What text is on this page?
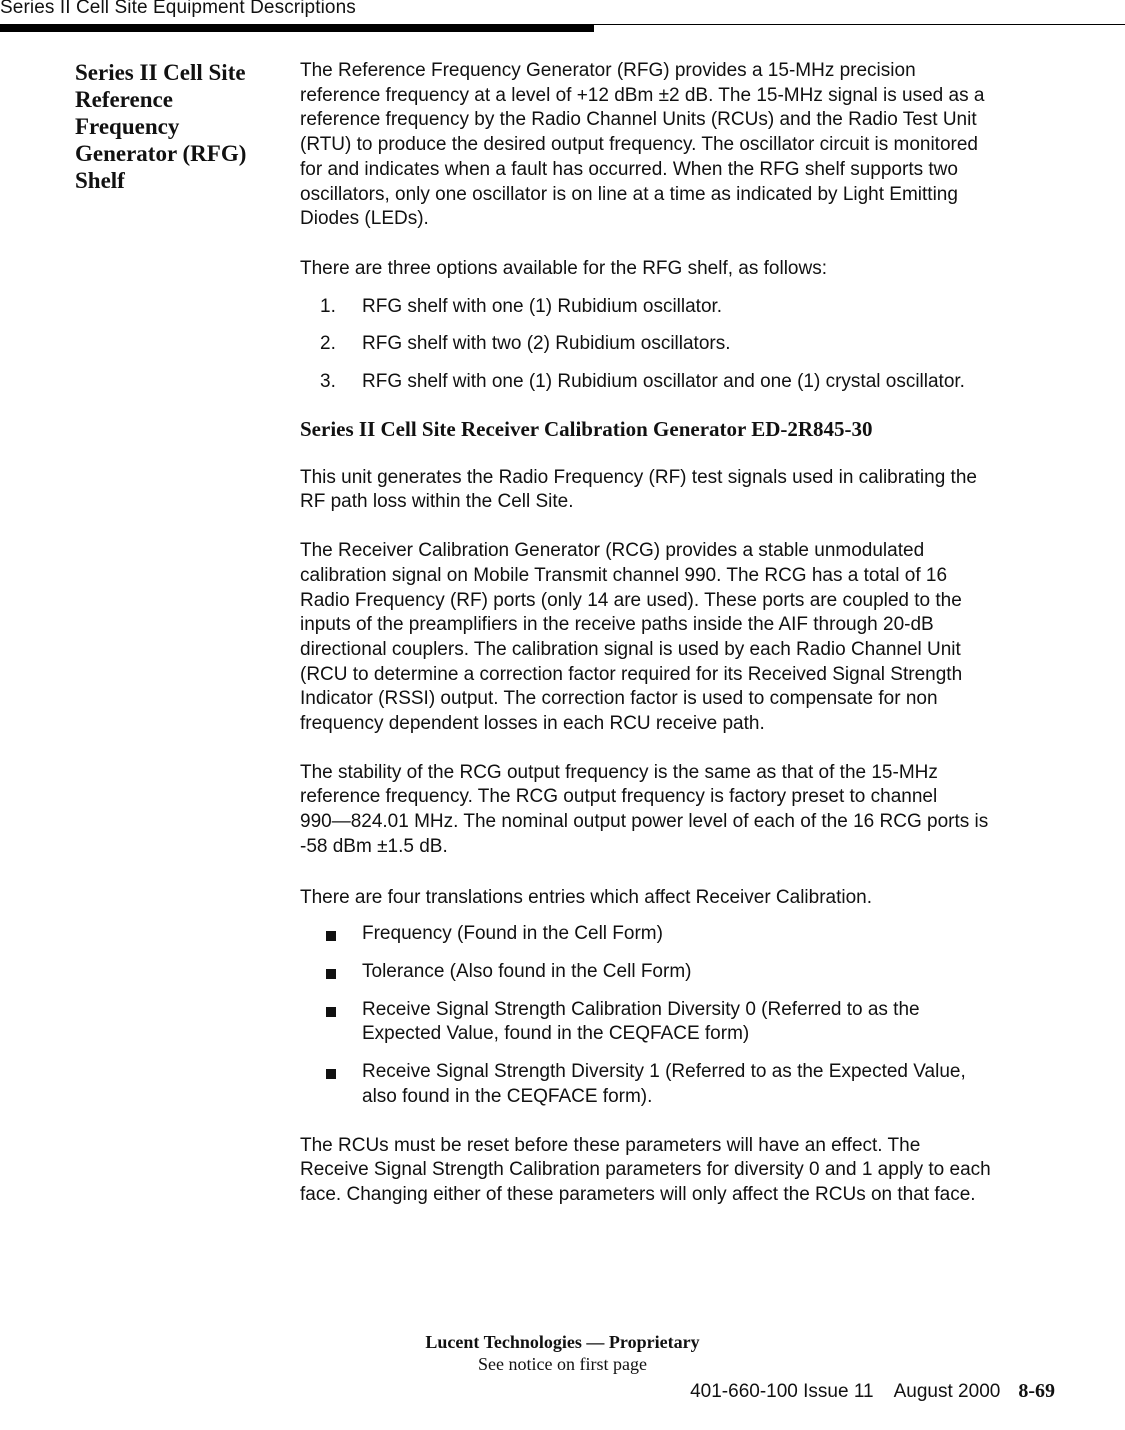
Series II Cell Site Equipment Descriptions
Series II Cell Site
Reference
Frequency
Generator (RFG)
Shelf
The Reference Frequency Generator (RFG) provides a 15-MHz precision
reference frequency at a level of +12 dBm ±2 dB. The 15-MHz signal is used as a
reference frequency by the Radio Channel Units (RCUs) and the Radio Test Unit
(RTU) to produce the desired output frequency. The oscillator circuit is monitored
for and indicates when a fault has occurred. When the RFG shelf supports two
oscillators, only one oscillator is on line at a time as indicated by Light Emitting
Diodes (LEDs).
There are three options available for the RFG shelf, as follows:
1. RFG shelf with one (1) Rubidium oscillator.
2. RFG shelf with two (2) Rubidium oscillators.
3. RFG shelf with one (1) Rubidium oscillator and one (1) crystal oscillator.
Series II Cell Site Receiver Calibration Generator ED-2R845-30
This unit generates the Radio Frequency (RF) test signals used in calibrating the
RF path loss within the Cell Site.
The Receiver Calibration Generator (RCG) provides a stable unmodulated
calibration signal on Mobile Transmit channel 990. The RCG has a total of 16
Radio Frequency (RF) ports (only 14 are used). These ports are coupled to the
inputs of the preamplifiers in the receive paths inside the AIF through 20-dB
directional couplers. The calibration signal is used by each Radio Channel Unit
(RCU to determine a correction factor required for its Received Signal Strength
Indicator (RSSI) output. The correction factor is used to compensate for non
frequency dependent losses in each RCU receive path.
The stability of the RCG output frequency is the same as that of the 15-MHz
reference frequency. The RCG output frequency is factory preset to channel
990—824.01 MHz. The nominal output power level of each of the 16 RCG ports is
-58 dBm ±1.5 dB.
There are four translations entries which affect Receiver Calibration.
Frequency (Found in the Cell Form)
Tolerance (Also found in the Cell Form)
Receive Signal Strength Calibration Diversity 0 (Referred to as the
Expected Value, found in the CEQFACE form)
Receive Signal Strength Diversity 1 (Referred to as the Expected Value,
also found in the CEQFACE form).
The RCUs must be reset before these parameters will have an effect. The
Receive Signal Strength Calibration parameters for diversity 0 and 1 apply to each
face. Changing either of these parameters will only affect the RCUs on that face.
Lucent Technologies — Proprietary
See notice on first page
401-660-100 Issue 11    August 2000 8-69
